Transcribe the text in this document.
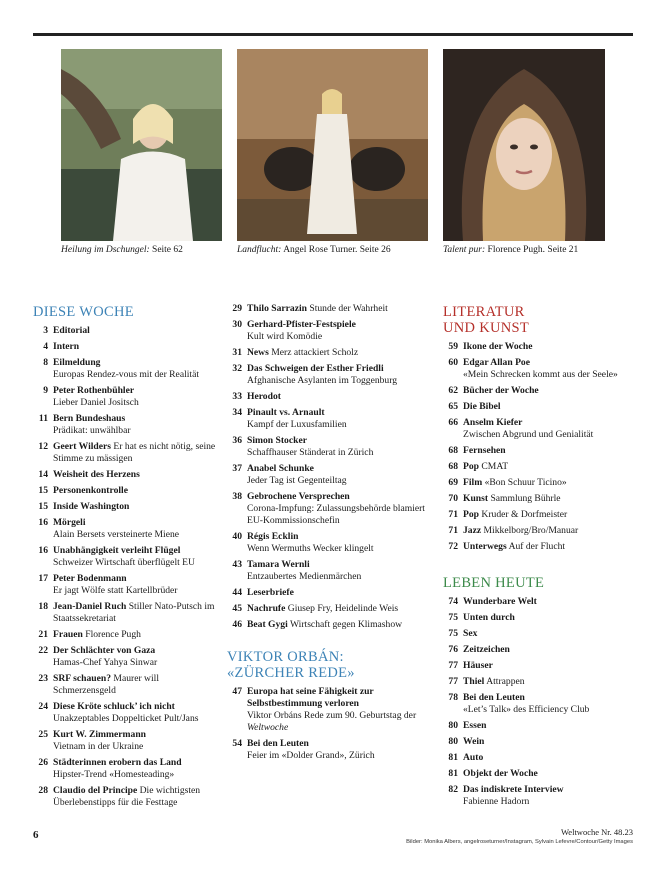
Heilung im Dschungel: Seite 62	Landflucht: Angel Rose Turner. Seite 26	Talent pur: Florence Pugh. Seite 21
DIESE WOCHE
3 Editorial
4 Intern
8 Eilmeldung
Europas Rendez-vous mit der Realität
9 Peter Rothenbühler
Lieber Daniel Jositsch
11 Bern Bundeshaus
Prädikat: unwählbar
12 Geert Wilders Er hat es nicht nötig, seine Stimme zu mässigen
14 Weisheit des Herzens
15 Personenkontrolle
15 Inside Washington
16 Mörgeli
Alain Bersets versteinerte Miene
16 Unabhängigkeit verleiht Flügel
Schweizer Wirtschaft überflügelt EU
17 Peter Bodenmann
Er jagt Wölfe statt Kartellbrüder
18 Jean-Daniel Ruch Stiller Nato-Putsch im Staatssekretariat
21 Frauen Florence Pugh
22 Der Schlächter von Gaza
Hamas-Chef Yahya Sinwar
23 SRF schauen? Maurer will Schmerzensgeld
24 Diese Kröte schluck’ ich nicht
Unakzeptables Doppelticket Pult/Jans
25 Kurt W. Zimmermann
Vietnam in der Ukraine
26 Städterinnen erobern das Land
Hipster-Trend «Homesteading»
28 Claudio del Principe Die wichtigsten Überlebenstipps für die Festtage
29 Thilo Sarrazin Stunde der Wahrheit
30 Gerhard-Pfister-Festspiele
Kult wird Komödie
31 News Merz attackiert Scholz
32 Das Schweigen der Esther Friedli
Afghanische Asylanten im Toggenburg
33 Herodot
34 Pinault vs. Arnault
Kampf der Luxusfamilien
36 Simon Stocker
Schaffhauser Ständerat in Zürich
37 Anabel Schunke
Jeder Tag ist Gegenteiltag
38 Gebrochene Versprechen
Corona-Impfung: Zulassungsbehörde blamiert EU-Kommissionschefin
40 Régis Ecklin
Wenn Wermuths Wecker klingelt
43 Tamara Wernli
Entzaubertes Medienmärchen
44 Leserbriefe
45 Nachrufe Giusep Fry, Heidelinde Weis
46 Beat Gygi Wirtschaft gegen Klimashow
VIKTOR ORBÁN:
«ZÜRCHER REDE»
47 Europa hat seine Fähigkeit zur Selbstbestimmung verloren
Viktor Orbáns Rede zum 90. Geburtstag der Weltwoche
54 Bei den Leuten
Feier im «Dolder Grand», Zürich
LITERATUR
UND KUNST
59 Ikone der Woche
60 Edgar Allan Poe
«Mein Schrecken kommt aus der Seele»
62 Bücher der Woche
65 Die Bibel
66 Anselm Kiefer
Zwischen Abgrund und Genialität
68 Fernsehen
68 Pop CMAT
69 Film «Bon Schuur Ticino»
70 Kunst Sammlung Bührle
71 Pop Kruder & Dorfmeister
71 Jazz Mikkelborg/Bro/Manuar
72 Unterwegs Auf der Flucht
LEBEN HEUTE
74 Wunderbare Welt
75 Unten durch
75 Sex
76 Zeitzeichen
77 Häuser
77 Thiel Attrappen
78 Bei den Leuten
«Let’s Talk» des Efficiency Club
80 Essen
80 Wein
81 Auto
81 Objekt der Woche
82 Das indiskrete Interview
Fabienne Hadorn
6	Weltwoche Nr. 48.23
Bilder: Monika Albers, angelroseturner/Instagram, Sylvain Lefevre/Contour/Getty Images
